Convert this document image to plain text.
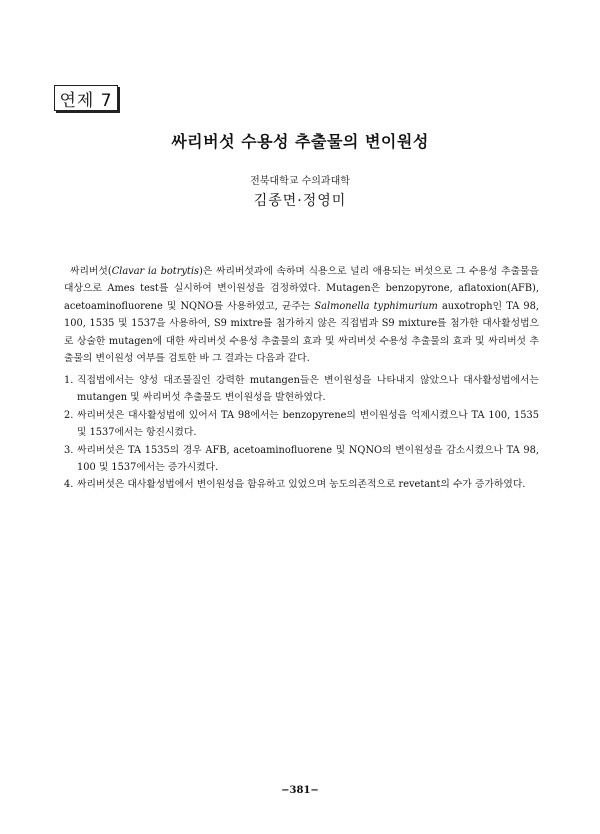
연제 7
싸리버섯 수용성 추출물의 변이원성
전북대학교 수의과대학
김종면·정영미

싸리버섯(Clavar ia botrytis)은 싸리버섯과에 속하며 식용으로 널리 애용되는 버섯으로 그 수용성 추출물을 대상으로 Ames test를 실시하여 변이원성을 검정하였다. Mutagen은 benzopyrone, aflatoxion(AFB), acetoaminofluorene 및 NQNO를 사용하였고, 균주는 Salmonella typhimurium auxotroph인 TA 98, 100, 1535 및 1537을 사용하여, S9 mixtre를 첨가하지 않은 직접법과 S9 mixture를 첨가한 대사활성법으로 상술한 mutagen에 대한 싸리버섯 수용성 추출물의 효과 및 싸리버섯 수용성 추출물의 효과 및 싸리버섯 추출물의 변이원성 여부를 검토한 바 그 결과는 다음과 같다.

1. 직접법에서는 양성 대조물질인 강력한 mutangen들은 변이원성을 나타내지 않았으나 대사활성법에서는 mutangen 및 싸리버섯 추출물도 변이원성을 발현하였다.
2. 싸리버섯은 대사활성법에 있어서 TA 98에서는 benzopyrene의 변이원성을 억제시켰으나 TA 100, 1535 및 1537에서는 항진시켰다.
3. 싸리버섯은 TA 1535의 경우 AFB, acetoaminofluorene 및 NQNO의 변이원성을 감소시켰으나 TA 98, 100 및 1537에서는 증가시켰다.
4. 싸리버섯은 대사활성법에서 변이원성을 함유하고 있었으며 농도의존적으로 revetant의 수가 증가하였다.
−381−
